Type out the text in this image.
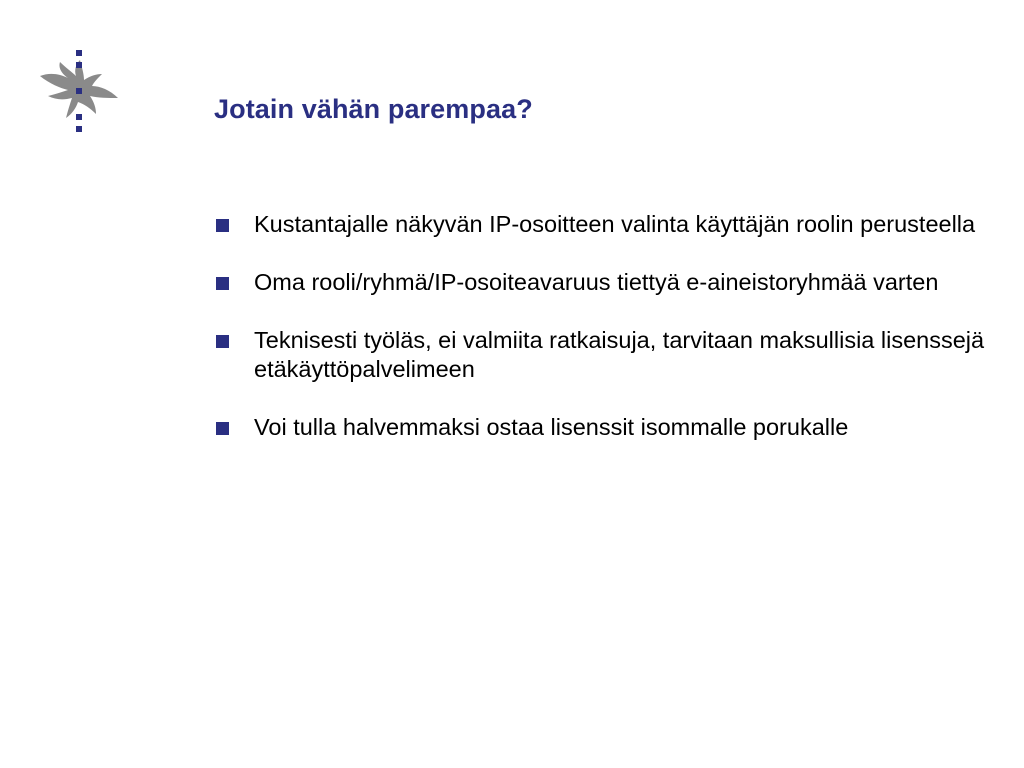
Jotain vähän parempaa?
Kustantajalle näkyvän IP-osoitteen valinta käyttäjän roolin perusteella
Oma rooli/ryhmä/IP-osoiteavaruus tiettyä e-aineistoryhmää varten
Teknisesti työläs, ei valmiita ratkaisuja, tarvitaan maksullisia lisenssejä etäkäyttöpalvelimeen
Voi tulla halvemmaksi ostaa lisenssit isommalle porukalle
